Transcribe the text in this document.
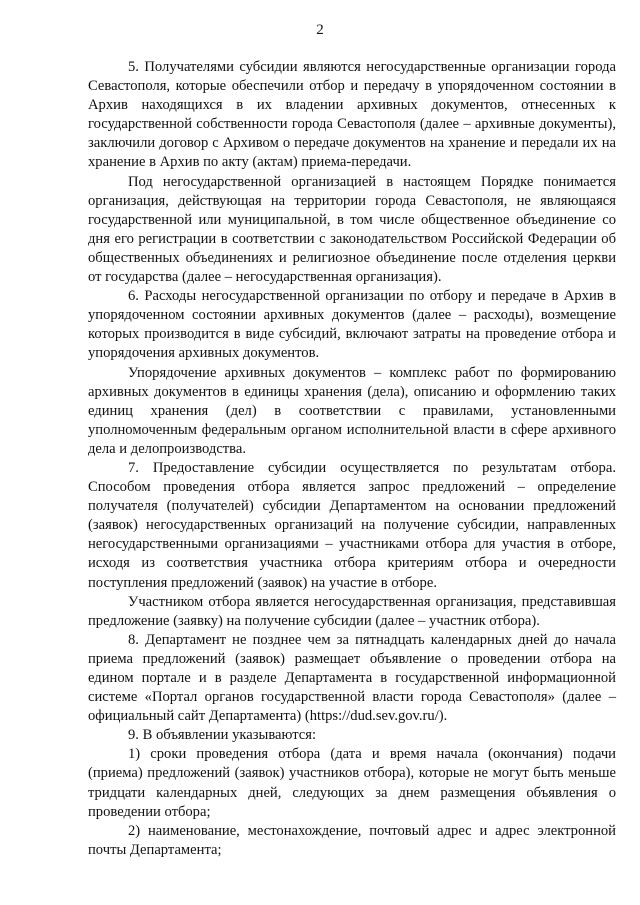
2

5. Получателями субсидии являются негосударственные организации города Севастополя, которые обеспечили отбор и передачу в упорядоченном состоянии в Архив находящихся в их владении архивных документов, отнесенных к государственной собственности города Севастополя (далее – архивные документы), заключили договор с Архивом о передаче документов на хранение и передали их на хранение в Архив по акту (актам) приема-передачи.

Под негосударственной организацией в настоящем Порядке понимается организация, действующая на территории города Севастополя, не являющаяся государственной или муниципальной, в том числе общественное объединение со дня его регистрации в соответствии с законодательством Российской Федерации об общественных объединениях и религиозное объединение после отделения церкви от государства (далее – негосударственная организация).

6. Расходы негосударственной организации по отбору и передаче в Архив в упорядоченном состоянии архивных документов (далее – расходы), возмещение которых производится в виде субсидий, включают затраты на проведение отбора и упорядочения архивных документов.

Упорядочение архивных документов – комплекс работ по формированию архивных документов в единицы хранения (дела), описанию и оформлению таких единиц хранения (дел) в соответствии с правилами, установленными уполномоченным федеральным органом исполнительной власти в сфере архивного дела и делопроизводства.

7. Предоставление субсидии осуществляется по результатам отбора. Способом проведения отбора является запрос предложений – определение получателя (получателей) субсидии Департаментом на основании предложений (заявок) негосударственных организаций на получение субсидии, направленных негосударственными организациями – участниками отбора для участия в отборе, исходя из соответствия участника отбора критериям отбора и очередности поступления предложений (заявок) на участие в отборе.

Участником отбора является негосударственная организация, представившая предложение (заявку) на получение субсидии (далее – участник отбора).

8. Департамент не позднее чем за пятнадцать календарных дней до начала приема предложений (заявок) размещает объявление о проведении отбора на едином портале и в разделе Департамента в государственной информационной системе «Портал органов государственной власти города Севастополя» (далее – официальный сайт Департамента) (https://dud.sev.gov.ru/).

9. В объявлении указываются:

1) сроки проведения отбора (дата и время начала (окончания) подачи (приема) предложений (заявок) участников отбора), которые не могут быть меньше тридцати календарных дней, следующих за днем размещения объявления о проведении отбора;

2) наименование, местонахождение, почтовый адрес и адрес электронной почты Департамента;
